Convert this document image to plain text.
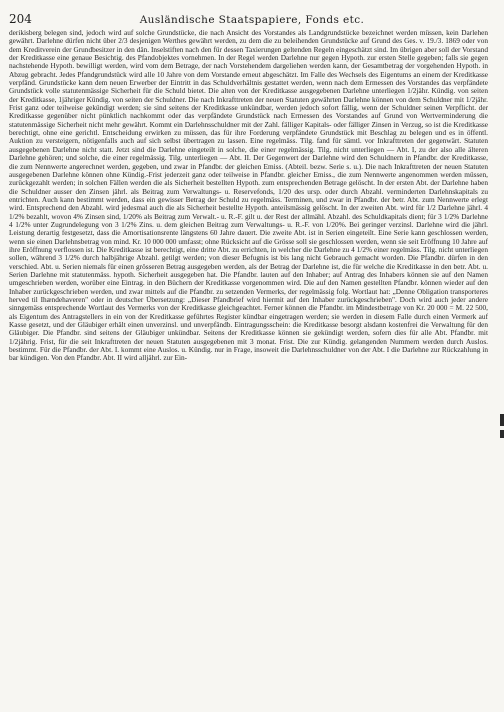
204	Ausländische Staatspapiere, Fonds etc.

derikisberg belegen sind, jedoch wird auf solche Grundstücke, die nach Ansicht des Vorstandes als Landgrundstücke bezeichnet werden müssen, kein Darlehen gewährt. Darlehne dürfen nicht über 2/3 desjenigen Werthes gewährt werden, zu dem die zu beleihenden Grundstücke auf Grund des Ges. v. 19./3. 1869 oder von dem Kreditverein der Grundbesitzer in den dän. Inselstiften nach den für dessen Taxierungen geltenden Regeln eingeschätzt sind. Im übrigen aber soll der Vorstand der Kreditkasse eine genaue Besichtig. des Pfandobjektes vornehmen. In der Regel werden Darlehne nur gegen Hypoth. zur ersten Stelle gegeben; falls sie gegen nachstehende Hypoth. bewilligt werden, wird vom dem Betrage, der nach Vorstehendem dargeliehen werden kann, der Gesamtbetrag der vorgehenden Hypoth. in Abzug gebracht. Jedes Pfandgrundstück wird alle 10 Jahre von dem Vorstande erneut abgeschätzt. Im Falle des Wechsels des Eigentums an einem der Kreditkasse verpfänd. Grundstücke kann dem neuen Erwerber der Eintritt in das Schuldverhältnis gestattet werden, wenn nach dem Ermessen des Vorstandes das verpfändete Grundstück volle statutenmässige Sicherheit für die Schuld bietet. Die alten von der Kreditkasse ausgegebenen Darlehne unterliegen 1/2jähr. Kündig. von seiten der Kreditkasse, 1jähriger Kündig. von seiten der Schuldner. Die nach Inkrafttreten der neuen Statuten gewährten Darlehne können von dem Schuldner mit 1/2jähr. Frist ganz oder teilweise gekündigt werden; sie sind seitens der Kreditkasse unkündbar, werden jedoch sofort fällig, wenn der Schuldner seinen Verpflicht. der Kreditkasse gegenüber nicht pünktlich nachkommt oder das verpfändete Grundstück nach Ermessen des Vorstandes auf Grund von Wertverminderung die statutenmässige Sicherheit nicht mehr gewährt. Kommt ein Darlehnsschuldner mit der Zahl. fälliger Kapitals- oder fälliger Zinsen in Verzug, so ist die Kreditkasse berechtigt, ohne eine gerichtl. Entscheidung erwirken zu müssen, das für ihre Forderung verpfändete Grundstück mit Beschlag zu belegen und es in öffentl. Auktion zu versteigern, nötigenfalls auch auf sich selbst übertragen zu lassen. Eine regelmäss. Tilg. fand für sämtl. vor Inkrafttreten der gegenwärt. Statuten ausgegebenen Darlehne nicht statt. Jetzt sind die Darlehne eingeteilt in solche, die einer regelmässig. Tilg. nicht unterliegen — Abt. I, zu der also alle älteren Darlehne gehören; und solche, die einer regelmässig. Tilg. unterliegen — Abt. II. Der Gegenwert der Darlehne wird den Schuldnern in Pfandbr. der Kreditkasse, die zum Nennwerte angerechnet werden, gegeben, und zwar in Pfandbr. der gleichen Emiss. (Abteil. bezw. Serie s. u.). Die nach Inkrafttreten der neuen Statuten ausgegebenen Darlehne können ohne Kündig.-Frist jederzeit ganz oder teilweise in Pfandbr. gleicher Emiss., die zum Nennwerte angenommen werden müssen, zurückgezahlt werden; in solchen Fällen werden die als Sicherheit bestellten Hypoth. zum entsprechenden Betrage gelöscht. In der ersten Abt. der Darlehne haben die Schuldner ausser den Zinsen jährl. als Beitrag zum Verwaltungs- u. Reservefonds, 1/20 des ursp. oder durch Abzahl. verminderten Darlehnskapitals zu entrichten. Auch kann bestimmt werden, dass ein gewisser Betrag der Schuld zu regelmäss. Terminen, und zwar in Pfandbr. der betr. Abt. zum Nennwerte erlegt wird. Entsprechend den Abzahl. wird jedesmal auch die als Sicherheit bestellte Hypoth. anteilsmässig gelöscht. In der zweiten Abt. wird für 1/2 Darlehne jährl. 4 1/2% bezahlt, wovon 4% Zinsen sind, 1/20% als Beitrag zum Verwalt.- u. R.-F. gilt u. der Rest der allmähl. Abzahl. des Schuldkapitals dient; für 3 1/2% Darlehne 4 1/2% unter Zugrundelegung von 3 1/2% Zins. u. dem gleichen Beitrag zum Verwaltungs- u. R.-F. von 1/20%. Bei geringer verzinsl. Darlehne wird die jährl. Leistung derartig festgesetzt, dass die Amortisationsrente längstens 60 Jahre dauert. Die zweite Abt. ist in Serien eingeteilt. Eine Serie kann geschlossen werden, wenn sie einen Darlehnsbetrag von mind. Kr. 10 000 000 umfasst; ohne Rücksicht auf die Grösse soll sie geschlossen werden, wenn sie seit Eröffnung 10 Jahre auf ihre Eröffnung verflossen ist. Die Kreditkasse ist berechtigt, eine dritte Abt. zu errichten, in welcher die Darlehne zu 4 1/2% einer regelmäss. Tilg. nicht unterliegen sollen, während 3 1/2% durch halbjährige Abzahl. getilgt werden; von dieser Befugnis ist bis lang nicht Gebrauch gemacht worden. Die Pfandbr. dürfen in den verschied. Abt. u. Serien niemals für einen grösseren Betrag ausgegeben werden, als der Betrag der Darlehne ist, die für welche die Kreditkasse in den betr. Abt. u. Serien Darlehne mit statutenmäss. hypoth. Sicherheit ausgegeben hat. Die Pfandbr. lauten auf den Inhaber; auf Antrag des Inhabers können sie auf den Namen umgeschrieben werden, worüber eine Eintrag. in den Büchern der Kreditkasse vorgenommen wird. Die auf den Namen gestellten Pfandbr. können wieder auf den Inhaber zurückgeschrieben werden, und zwar mittels auf die Pfandbr. zu setzenden Vermerks, der regelmässig folg. Wortlaut hat: „Denne Obligation transporteres herved til Ihændehaveren" oder in deutscher Übersetzung: „Dieser Pfandbrief wird hiermit auf den Inhaber zurückgeschrieben". Doch wird auch jeder andere sinngemäss entsprechende Wortlaut des Vermerks von der Kreditkasse gleichgeachtet. Ferner können die Pfandbr. im Mindestbetrage von Kr. 20 000 = M. 22 500, als Eigentum des Antragstellers in ein von der Kreditkasse geführtes Register kündbar eingetragen werden; sie werden in diesem Falle durch einen Vermerk auf Kasse gesetzt, und der Gläubiger erhält einen unverzinsl. und unverpfändb. Eintragungsschein: die Kreditkasse besorgt alsdann kostenfrei die Verwaltung für den Gläubiger. Die Pfandbr. sind seitens der Gläubiger unkündbar. Seitens der Kreditkasse können sie gekündigt werden, sofern dies für alle Abt. Pfandbr. mit 1/2jährig. Frist, für die seit Inkrafttreten der neuen Statuten ausgegebenen mit 3 monat. Frist. Die zur Kündig. gelangenden Nummern werden durch Auslos. bestimmt. Für die Pfandbr. der Abt. I. kommt eine Auslos. u. Kündig. nur in Frage, insoweit die Darlehnsschuldner von der Abt. I die Darlehne zur Rückzahlung in bar kündigen. Von den Pfandbr. Abt. II wird alljährl. zur Ein-
